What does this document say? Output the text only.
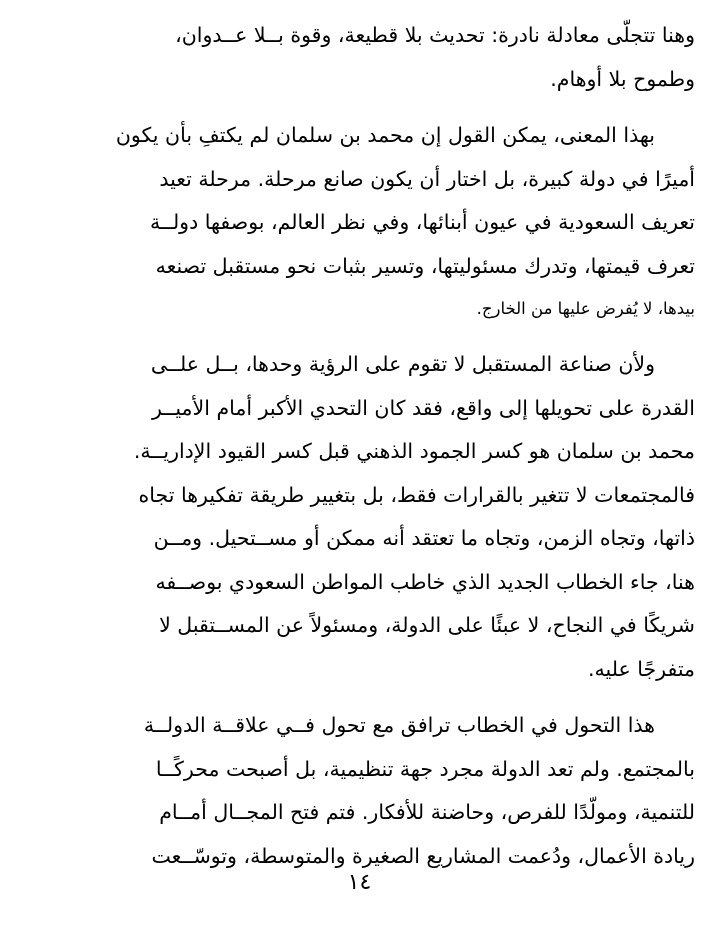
وهنا تتجلّى معادلة نادرة: تحديث بلا قطيعة، وقوة بــلا عــدوان،
وطموح بلا أوهام.
بهذا المعنى، يمكن القول إن محمد بن سلمان لم يكتفِ بأن يكون
أميرًا في دولة كبيرة، بل اختار أن يكون صانع مرحلة. مرحلة تعيد
تعريف السعودية في عيون أبنائها، وفي نظر العالم، بوصفها دولــة
تعرف قيمتها، وتدرك مسئوليتها، وتسير بثبات نحو مستقبل تصنعه
بيدها، لا يُفرض عليها من الخارج.
ولأن صناعة المستقبل لا تقوم على الرؤية وحدها، بــل علــى
القدرة على تحويلها إلى واقع، فقد كان التحدي الأكبر أمام الأميــر
محمد بن سلمان هو كسر الجمود الذهني قبل كسر القيود الإداريــة.
فالمجتمعات لا تتغير بالقرارات فقط، بل بتغيير طريقة تفكيرها تجاه
ذاتها، وتجاه الزمن، وتجاه ما تعتقد أنه ممكن أو مســتحيل. ومــن
هنا، جاء الخطاب الجديد الذي خاطب المواطن السعودي بوصــفه
شريكًا في النجاح، لا عبئًا على الدولة، ومسئولاً عن المســتقبل لا
متفرجًا عليه.
هذا التحول في الخطاب ترافق مع تحول فــي علاقــة الدولــة
بالمجتمع. ولم تعد الدولة مجرد جهة تنظيمية، بل أصبحت محركًــا
للتنمية، ومولّدًا للفرص، وحاضنة للأفكار. فتم فتح المجــال أمــام
ريادة الأعمال، ودُعمت المشاريع الصغيرة والمتوسطة، وتوسّــعت
١٤
